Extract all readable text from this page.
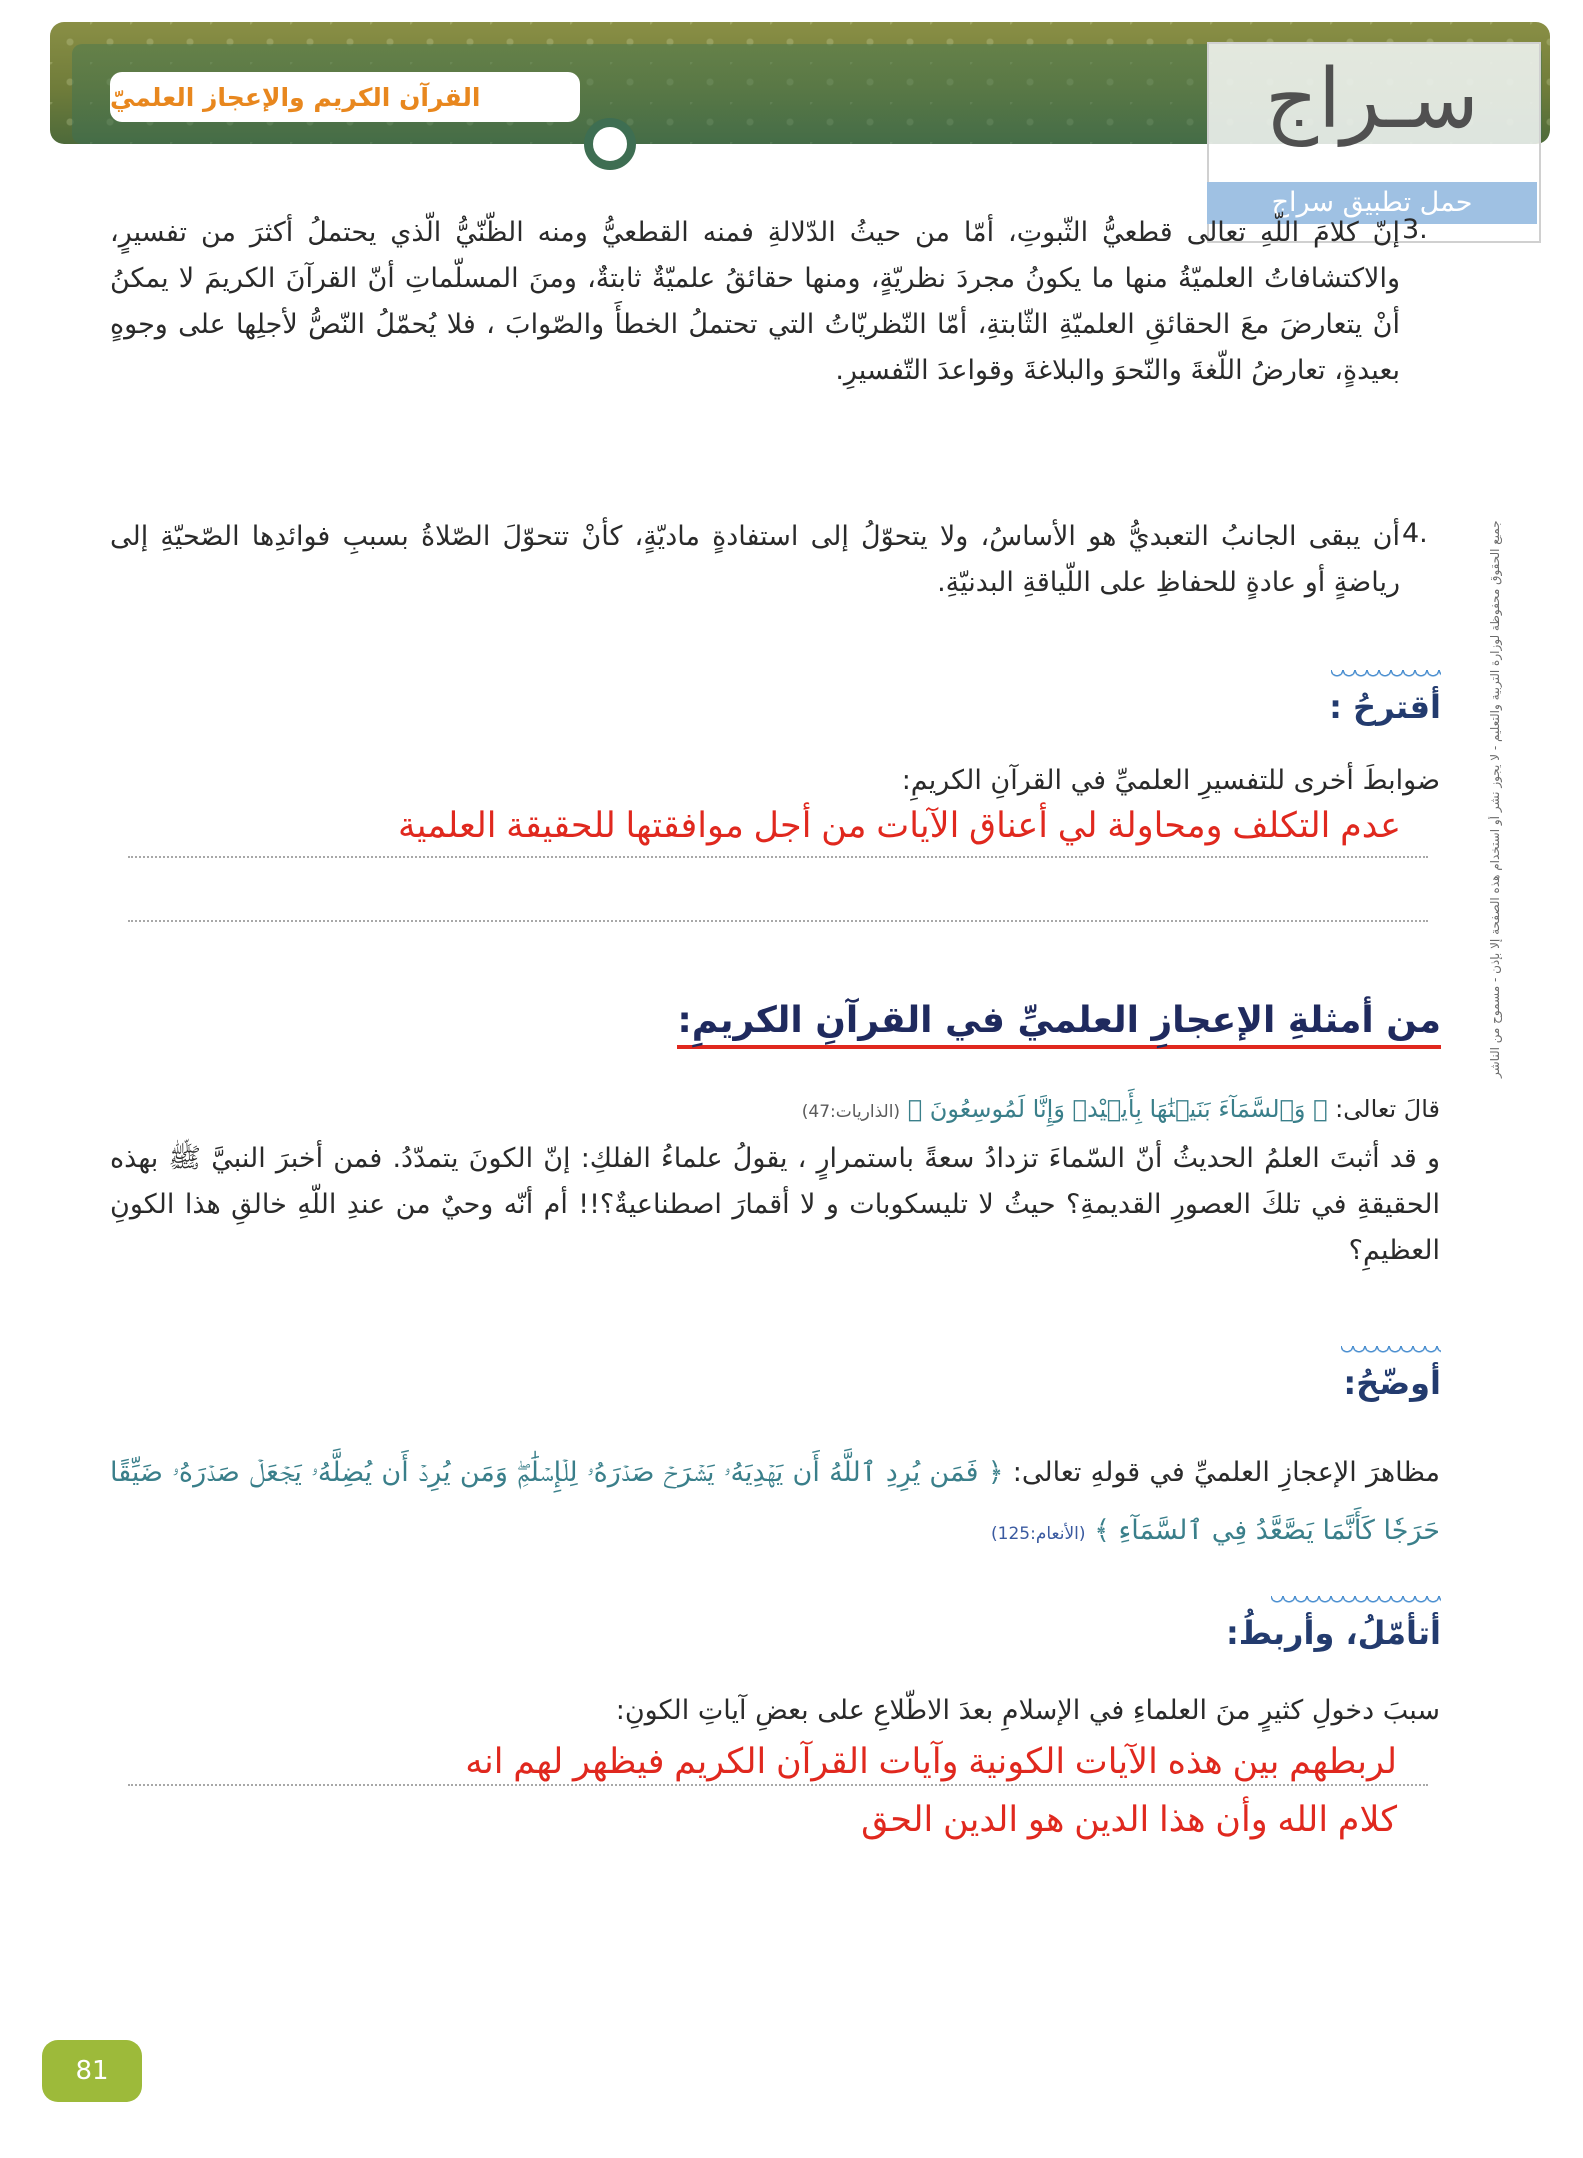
القرآن الكريم والإعجاز العلميّ	سـراج
حمل تطبيق سراج
3.
إنّ كلامَ اللّهِ تعالى قطعيُّ الثّبوتِ، أمّا من حيثُ الدّلالةِ فمنه القطعيُّ ومنه الظّنّيُّ الّذي يحتملُ أكثرَ من تفسيرٍ، والاكتشافاتُ العلميّةُ منها ما يكونُ مجردَ نظريّةٍ، ومنها حقائقُ علميّةٌ ثابتةٌ، ومنَ المسلّماتِ أنّ القرآنَ الكريمَ لا يمكنُ أنْ يتعارضَ معَ الحقائقِ العلميّةِ الثّابتةِ، أمّا النّظريّاتُ التي تحتملُ الخطأَ والصّوابَ ، فلا يُحمّلُ النّصُّ لأجلِها على وجوهٍ بعيدةٍ، تعارضُ اللّغةَ والنّحوَ والبلاغةَ وقواعدَ التّفسيرِ.
4.
أن يبقى الجانبُ التعبديُّ هو الأساسُ، ولا يتحوّلُ إلى استفادةٍ ماديّةٍ، كأنْ تتحوّلَ الصّلاةُ بسببِ فوائدِها الصّحيّةِ إلى رياضةٍ أو عادةٍ للحفاظِ على اللّياقةِ البدنيّةِ.
أقترحُ :
ضوابطَ أخرى للتفسيرِ العلميِّ في القرآنِ الكريمِ:
عدم التكلف ومحاولة لي أعناق الآيات من أجل موافقتها للحقيقة العلمية
من أمثلةِ الإعجازِ العلميِّ في القرآنِ الكريمِ:
قالَ تعالى: ﴿ وَٱلسَّمَآءَ بَنَيۡنَٰهَا بِأَيۡيْدٖ وَإِنَّا لَمُوسِعُونَ ﴾ (الذاريات:47)
و قد أثبتَ العلمُ الحديثُ أنّ السّماءَ تزدادُ سعةً باستمرارٍ ، يقولُ علماءُ الفلكِ: إنّ الكونَ يتمدّدُ. فمن أخبرَ النبيَّ ﷺ بهذه الحقيقةِ في تلكَ العصورِ القديمةِ؟ حيثُ لا تليسكوبات و لا أقمارَ اصطناعيةٌ؟!! أم أنّه وحيٌ من عندِ اللّهِ خالقِ هذا الكونِ العظيمِ؟
أوضّحُ:
مظاهرَ الإعجازِ العلميِّ في قولهِ تعالى: ﴿ فَمَن يُرِدِ ٱللَّهُ أَن يَهۡدِيَهُۥ يَشۡرَحۡ صَدۡرَهُۥ لِلۡإِسۡلَٰمِۖ وَمَن يُرِدۡ أَن يُضِلَّهُۥ يَجۡعَلۡ صَدۡرَهُۥ ضَيِّقًا حَرَجٗا كَأَنَّمَا يَصَّعَّدُ فِي ٱلسَّمَآءِ ﴾ (الأنعام:125)
أتأمّلُ، وأربطُ:
سببَ دخولِ كثيرٍ منَ العلماءِ في الإسلامِ بعدَ الاطّلاعِ على بعضِ آياتِ الكونِ:
لربطهم بين هذه الآيات الكونية وآيات القرآن الكريم فيظهر لهم انه
كلام الله وأن هذا الدين هو الدين الحق
جميع الحقوق محفوظة لوزارة التربية والتعليم - لا يجوز نشر أو استخدام هذه الصفحة إلا بإذن - مسموح من الناشر
81
